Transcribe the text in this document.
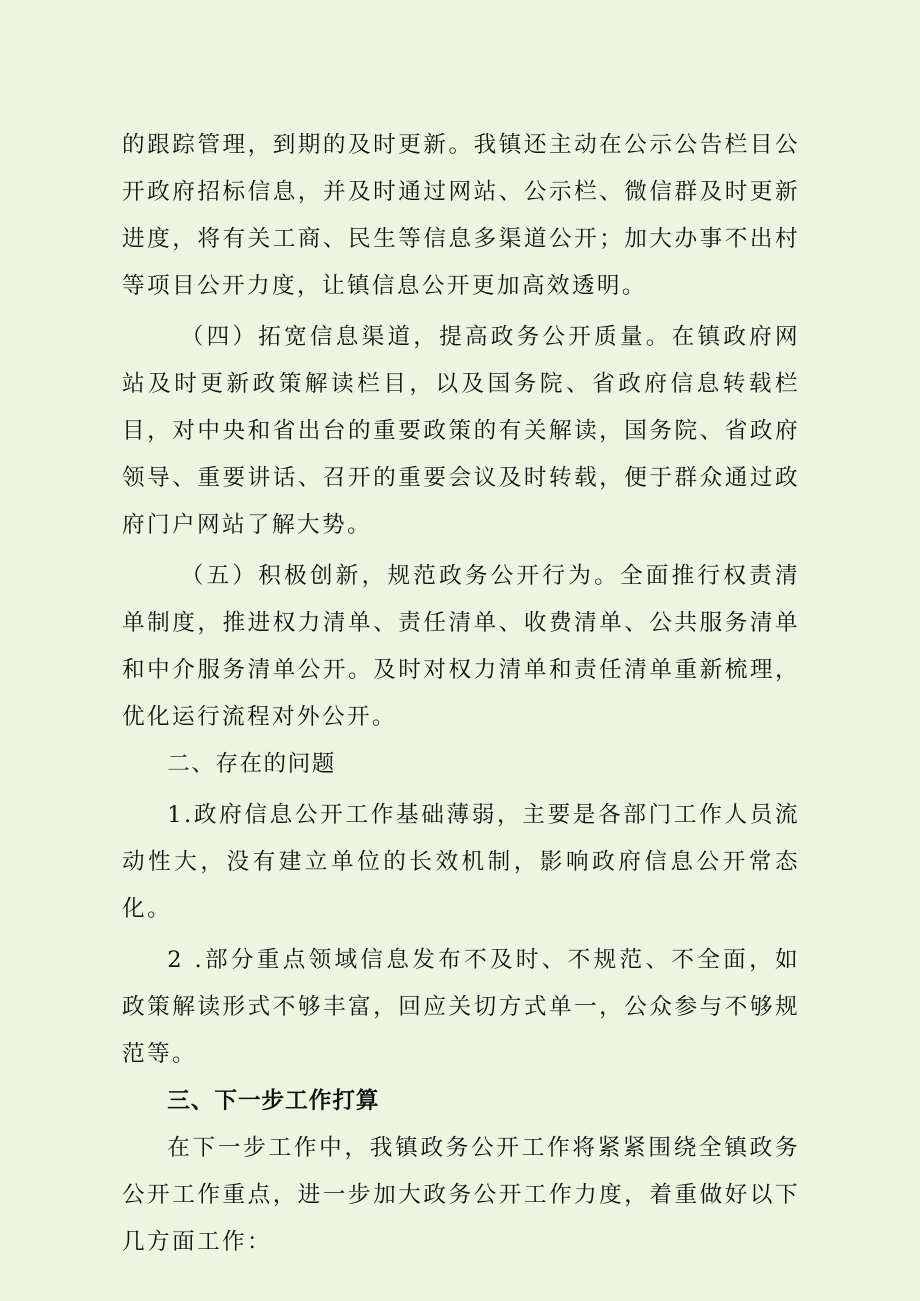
的跟踪管理，到期的及时更新。我镇还主动在公示公告栏目公开政府招标信息，并及时通过网站、公示栏、微信群及时更新进度，将有关工商、民生等信息多渠道公开；加大办事不出村等项目公开力度，让镇信息公开更加高效透明。

（四）拓宽信息渠道，提高政务公开质量。在镇政府网站及时更新政策解读栏目，以及国务院、省政府信息转载栏目，对中央和省出台的重要政策的有关解读，国务院、省政府领导、重要讲话、召开的重要会议及时转载，便于群众通过政府门户网站了解大势。

（五）积极创新，规范政务公开行为。全面推行权责清单制度，推进权力清单、责任清单、收费清单、公共服务清单和中介服务清单公开。及时对权力清单和责任清单重新梳理，优化运行流程对外公开。

二、存在的问题

1.政府信息公开工作基础薄弱，主要是各部门工作人员流动性大，没有建立单位的长效机制，影响政府信息公开常态化。

2 .部分重点领域信息发布不及时、不规范、不全面，如政策解读形式不够丰富，回应关切方式单一，公众参与不够规范等。

三、下一步工作打算

在下一步工作中，我镇政务公开工作将紧紧围绕全镇政务公开工作重点，进一步加大政务公开工作力度，着重做好以下几方面工作：
